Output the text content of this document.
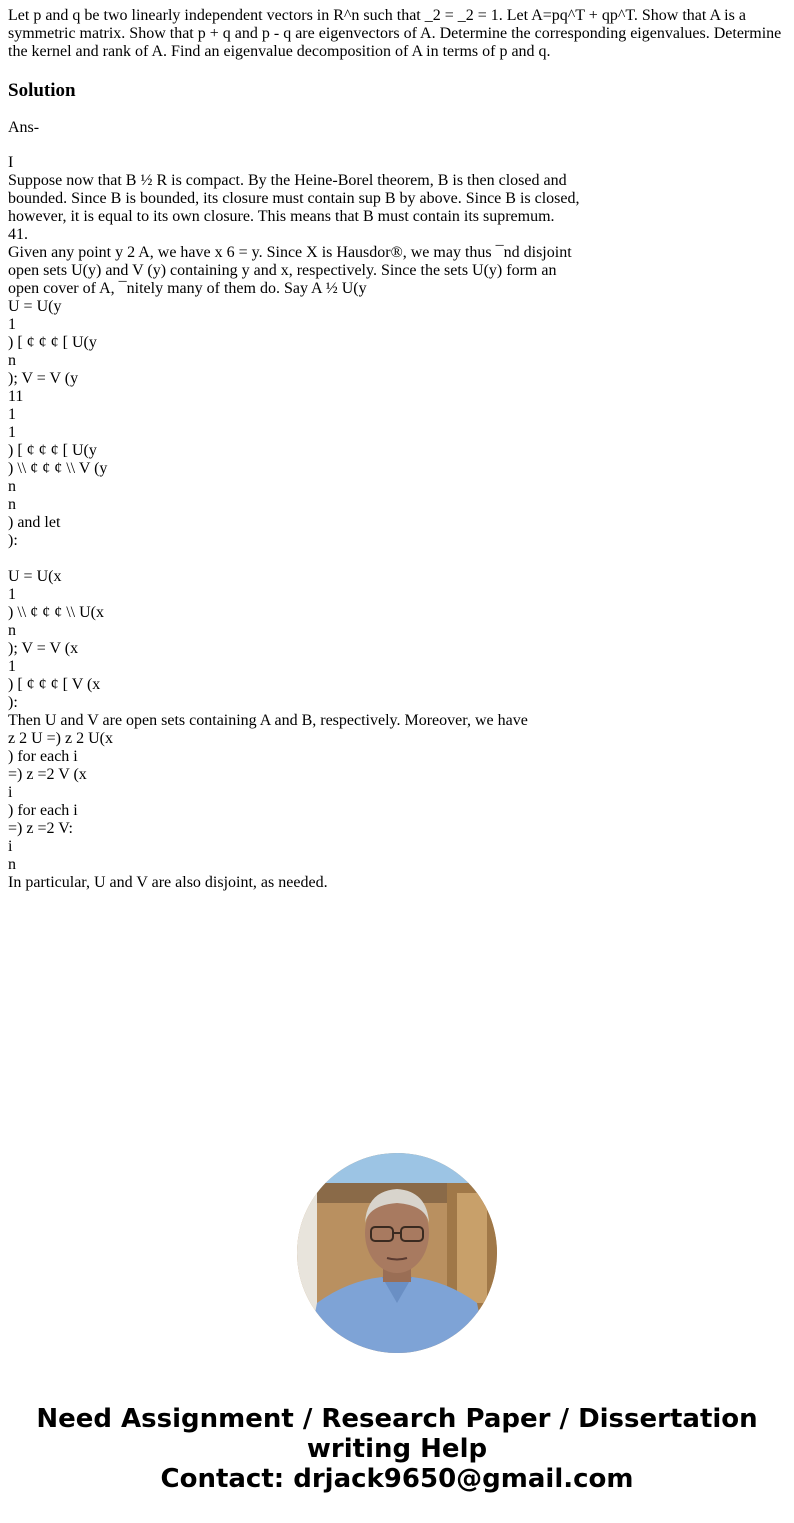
Let p and q be two linearly independent vectors in R^n such that _2 = _2 = 1. Let A=pq^T + qp^T. Show that A is a symmetric matrix. Show that p + q and p - q are eigenvectors of A. Determine the corresponding eigenvalues. Determine the kernel and rank of A. Find an eigenvalue decomposition of A in terms of p and q.

Solution

Ans-

I
Suppose now that B ½ R is compact. By the Heine-Borel theorem, B is then closed and
bounded. Since B is bounded, its closure must contain sup B by above. Since B is closed,
however, it is equal to its own closure. This means that B must contain its supremum.
41.
Given any point y 2 A, we have x 6 = y. Since X is Hausdor®, we may thus ¯nd disjoint
open sets U(y) and V (y) containing y and x, respectively. Since the sets U(y) form an
open cover of A, ¯nitely many of them do. Say A ½ U(y
U = U(y
1
) [ ¢ ¢ ¢ [ U(y
n
); V = V (y
11
1
1
) [ ¢ ¢ ¢ [ U(y
) \\ ¢ ¢ ¢ \\ V (y
n
n
) and let
):
U = U(x
1
) \\ ¢ ¢ ¢ \\ U(x
n
); V = V (x
1
) [ ¢ ¢ ¢ [ V (x
):
Then U and V are open sets containing A and B, respectively. Moreover, we have
z 2 U =) z 2 U(x
) for each i
=) z =2 V (x
i
) for each i
=) z =2 V:
i
n
In particular, U and V are also disjoint, as needed.
Need Assignment / Research Paper / Dissertation
writing Help
Contact: drjack9650@gmail.com
